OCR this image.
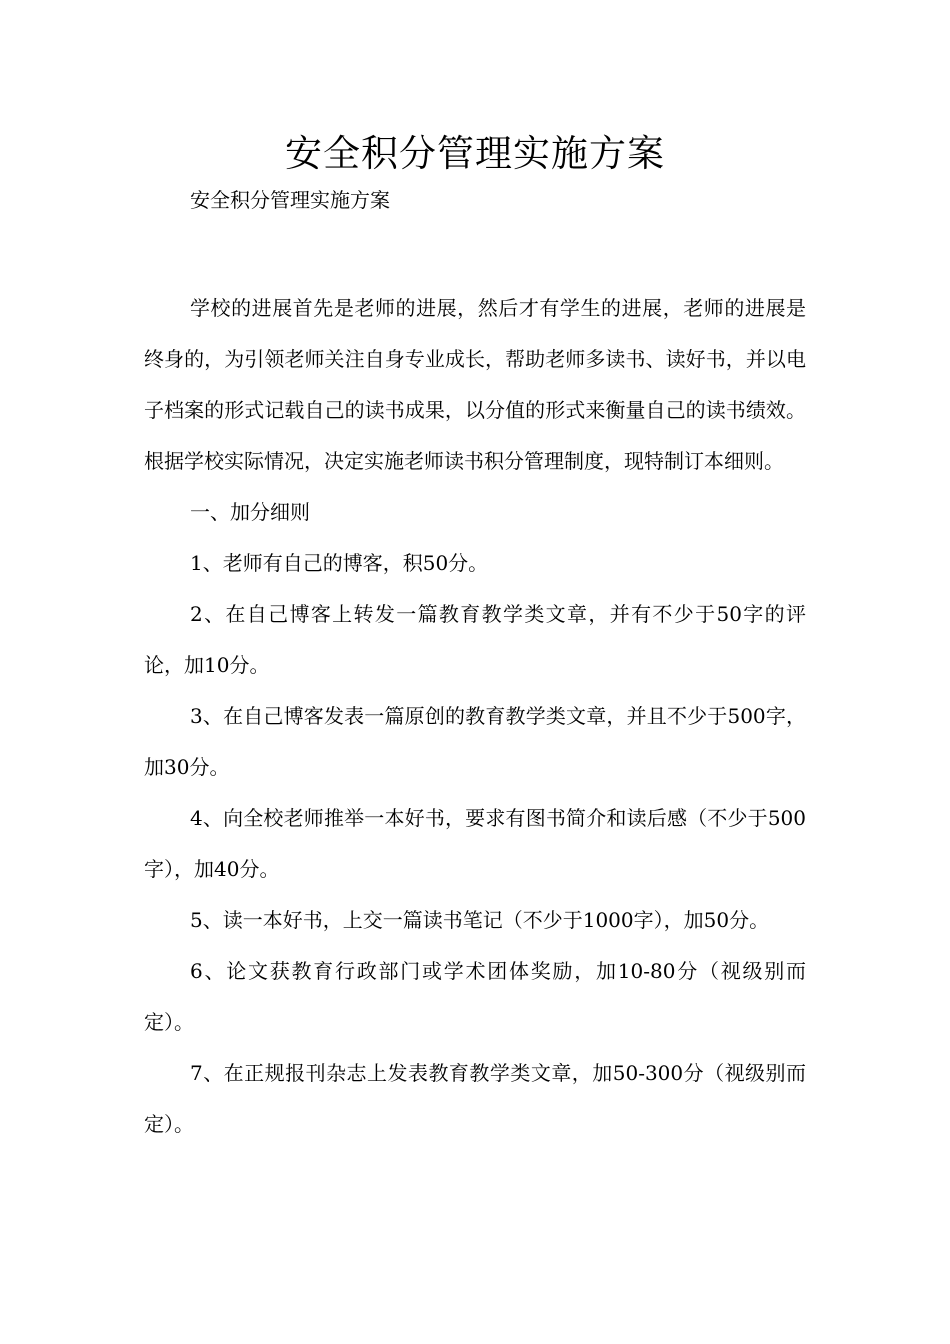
安全积分管理实施方案
安全积分管理实施方案

学校的进展首先是老师的进展，然后才有学生的进展，老师的进展是终身的，为引领老师关注自身专业成长，帮助老师多读书、读好书，并以电子档案的形式记载自己的读书成果，以分值的形式来衡量自己的读书绩效。根据学校实际情况，决定实施老师读书积分管理制度，现特制订本细则。

一、加分细则

1、老师有自己的博客，积50分。

2、在自己博客上转发一篇教育教学类文章，并有不少于50字的评论，加10分。

3、在自己博客发表一篇原创的教育教学类文章，并且不少于500字，加30分。

4、向全校老师推举一本好书，要求有图书简介和读后感（不少于500字），加40分。

5、读一本好书，上交一篇读书笔记（不少于1000字），加50分。

6、论文获教育行政部门或学术团体奖励，加10-80分（视级别而定）。

7、在正规报刊杂志上发表教育教学类文章，加50-300分（视级别而定）。
